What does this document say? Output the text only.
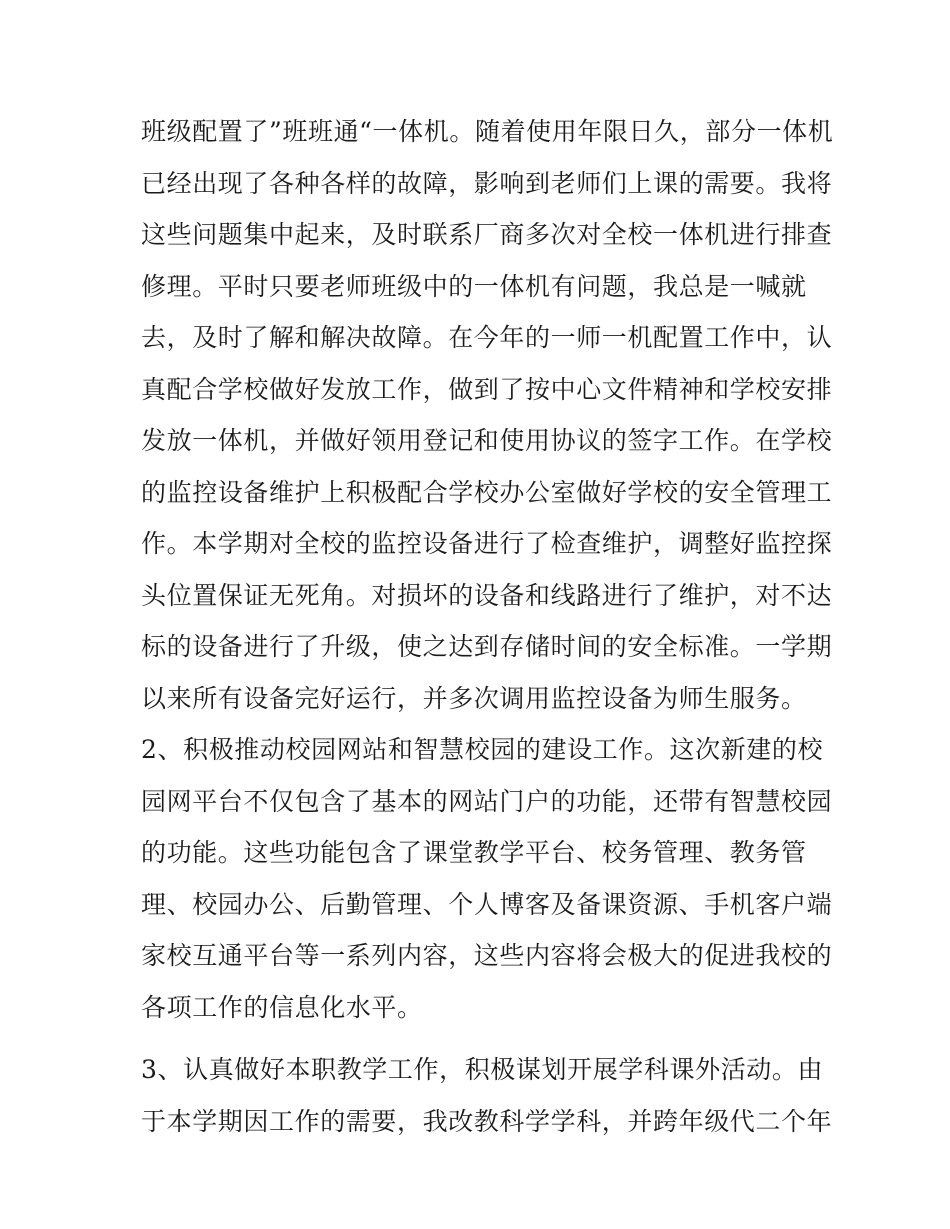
班级配置了”班班通“一体机。随着使用年限日久，部分一体机
已经出现了各种各样的故障，影响到老师们上课的需要。我将
这些问题集中起来，及时联系厂商多次对全校一体机进行排查
修理。平时只要老师班级中的一体机有问题，我总是一喊就
去，及时了解和解决故障。在今年的一师一机配置工作中，认
真配合学校做好发放工作，做到了按中心文件精神和学校安排
发放一体机，并做好领用登记和使用协议的签字工作。在学校
的监控设备维护上积极配合学校办公室做好学校的安全管理工
作。本学期对全校的监控设备进行了检查维护，调整好监控探
头位置保证无死角。对损坏的设备和线路进行了维护，对不达
标的设备进行了升级，使之达到存储时间的安全标准。一学期
以来所有设备完好运行，并多次调用监控设备为师生服务。
2、积极推动校园网站和智慧校园的建设工作。这次新建的校
园网平台不仅包含了基本的网站门户的功能，还带有智慧校园
的功能。这些功能包含了课堂教学平台、校务管理、教务管
理、校园办公、后勤管理、个人博客及备课资源、手机客户端
家校互通平台等一系列内容，这些内容将会极大的促进我校的
各项工作的信息化水平。
3、认真做好本职教学工作，积极谋划开展学科课外活动。由
于本学期因工作的需要，我改教科学学科，并跨年级代二个年
